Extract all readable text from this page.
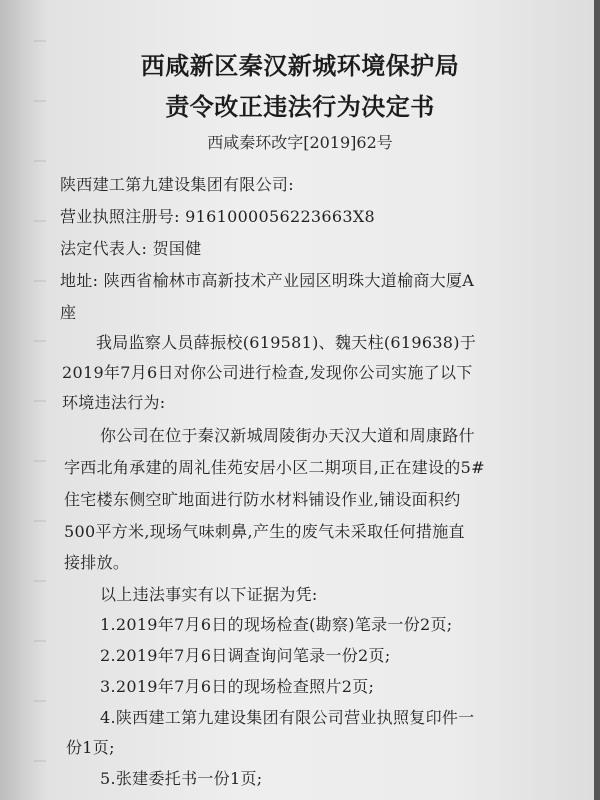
西咸新区秦汉新城环境保护局
责令改正违法行为决定书
西咸秦环改字[2019]62号
陕西建工第九建设集团有限公司:
营业执照注册号: 9161000056223663X8
法定代表人: 贺国健
地址: 陕西省榆林市高新技术产业园区明珠大道榆商大厦A
座
我局监察人员薛振校(619581)、魏天柱(619638)于
2019年7月6日对你公司进行检查,发现你公司实施了以下
环境违法行为:
你公司在位于秦汉新城周陵街办天汉大道和周康路什
字西北角承建的周礼佳苑安居小区二期项目,正在建设的5#
住宅楼东侧空旷地面进行防水材料铺设作业,铺设面积约
500平方米,现场气味刺鼻,产生的废气未采取任何措施直
接排放。
以上违法事实有以下证据为凭:
1.2019年7月6日的现场检查(勘察)笔录一份2页;
2.2019年7月6日调查询问笔录一份2页;
3.2019年7月6日的现场检查照片2页;
4.陕西建工第九建设集团有限公司营业执照复印件一
份1页;
5.张建委托书一份1页;
